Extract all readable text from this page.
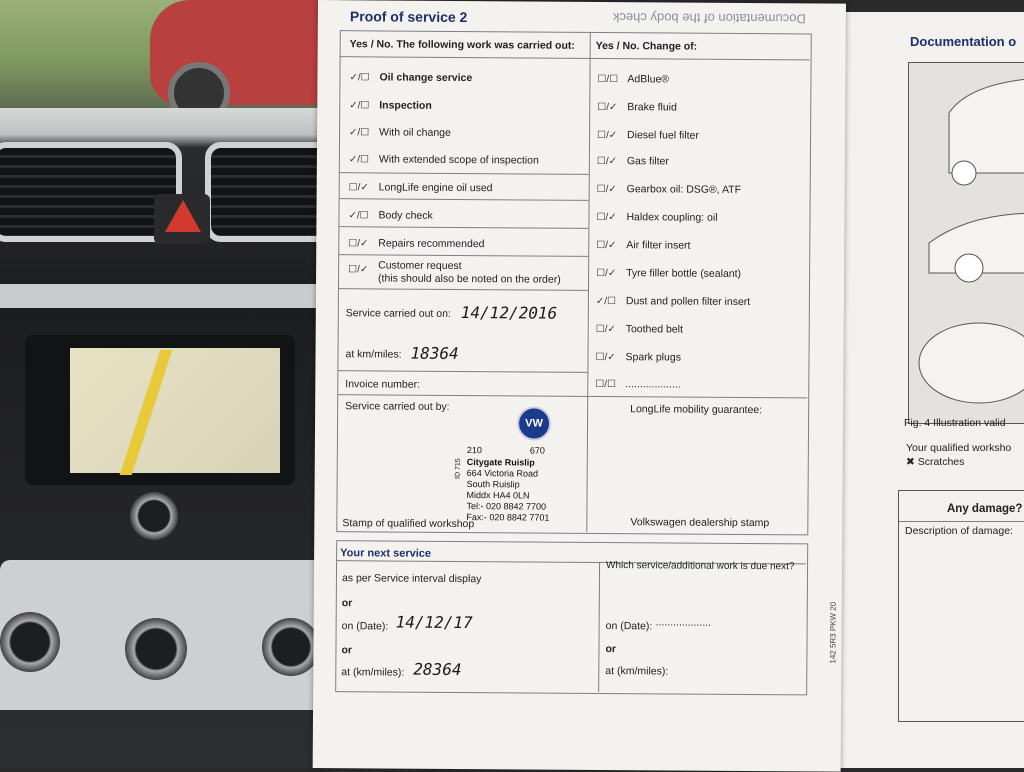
Documentation o
Fig. 4 Illustration valid
Your qualified worksho
✖ Scratches
Any damage?
Description of damage:
Proof of service 2	Documentation of the body check
Yes / No. The following work was carried out: Yes / No. Change of:
✓/☐ Oil change service
✓/☐ Inspection
✓/☐ With oil change
✓/☐ With extended scope of inspection
☐/✓ LongLife engine oil used
✓/☐ Body check
☐/✓ Repairs recommended
☐/✓ Customer request
(this should also be noted on the order)
Service carried out on: 14/12/2016
at km/miles: 18364
Invoice number:
Service carried out by:	LongLife mobility guarantee:
VW
210	670
Citygate Ruislip
664 Victoria Road
South Ruislip
Middx HA4 0LN
Tel:- 020 8842 7700
Fax:- 020 8842 7701
ID 715
Stamp of qualified workshop	Volkswagen dealership stamp
☐/☐ AdBlue®
☐/✓ Brake fluid
☐/✓ Diesel fuel filter
☐/✓ Gas filter
☐/✓ Gearbox oil: DSG®, ATF
☐/✓ Haldex coupling: oil
☐/✓ Air filter insert
☐/✓ Tyre filler bottle (sealant)
✓/☐ Dust and pollen filter insert
☐/✓ Toothed belt
☐/✓ Spark plugs
☐/☐ ...................
Your next service
as per Service interval display
or
on (Date): 14/12/17
or
at (km/miles): 28364
Which service/additional work is due next?
on (Date): ...................
or
at (km/miles):
142 5R3 PKW 20
